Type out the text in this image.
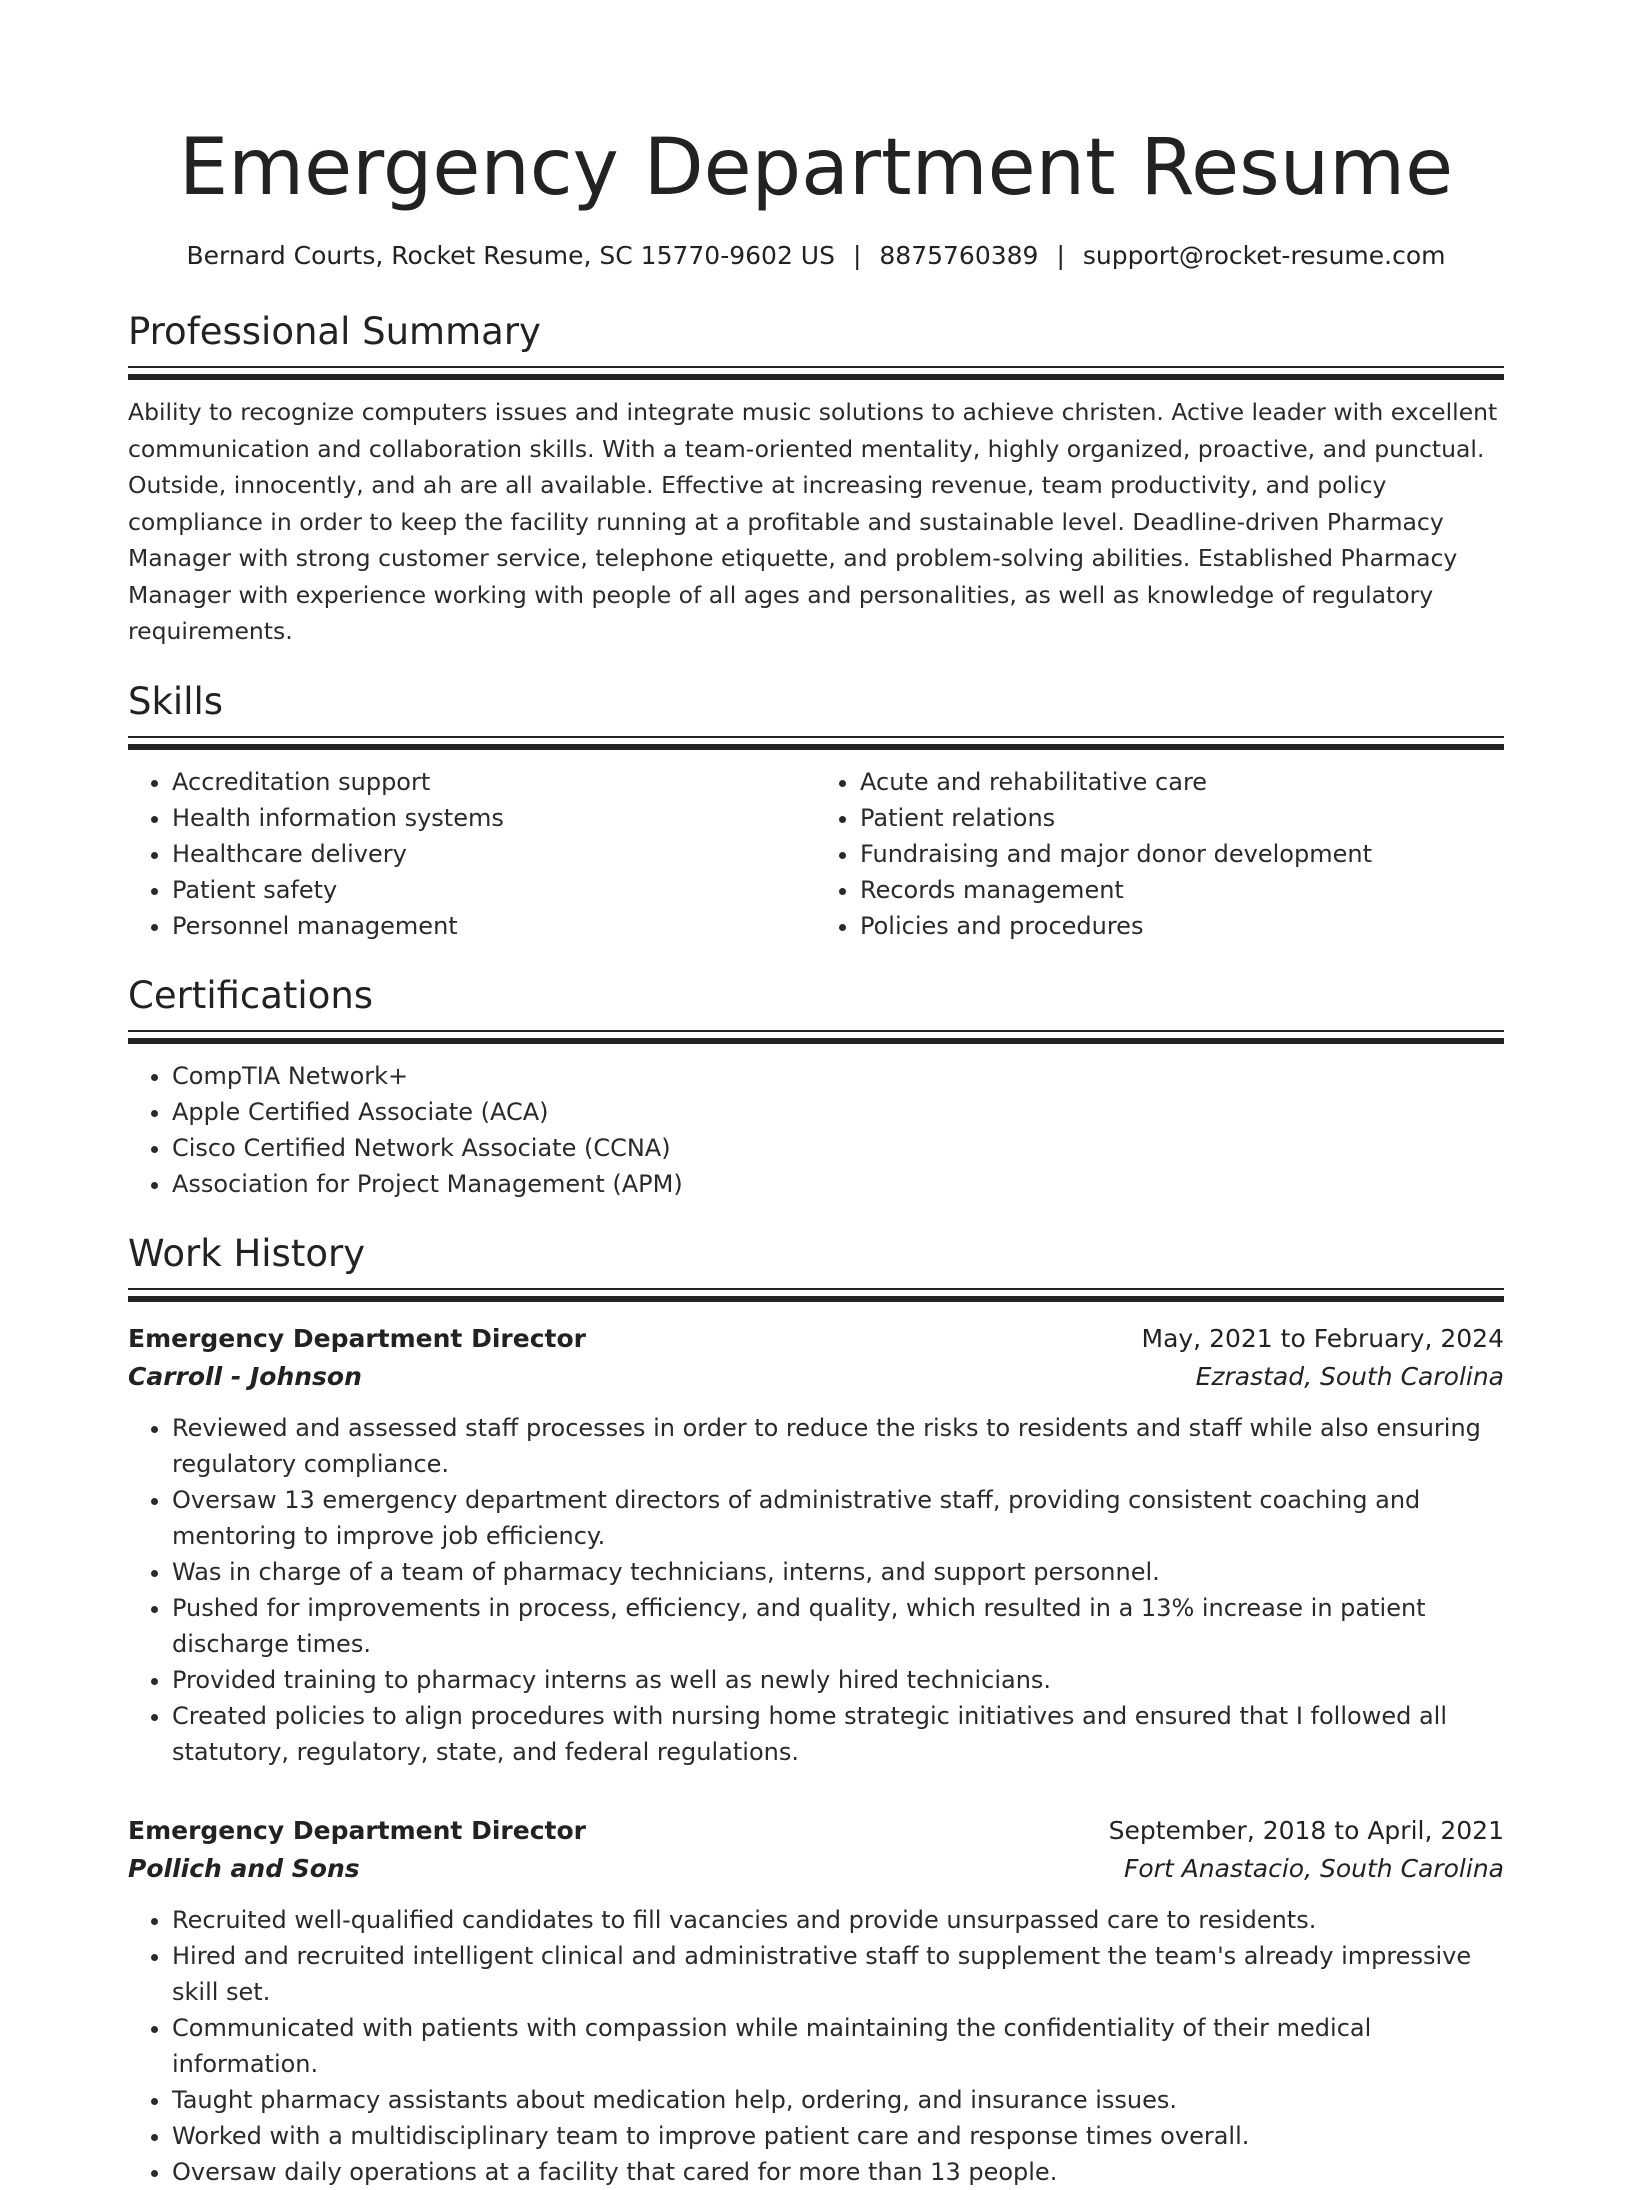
Emergency Department Resume
Bernard Courts, Rocket Resume, SC 15770-9602 US | 8875760389 | support@rocket-resume.com
Professional Summary
Ability to recognize computers issues and integrate music solutions to achieve christen. Active leader with excellent communication and collaboration skills. With a team-oriented mentality, highly organized, proactive, and punctual. Outside, innocently, and ah are all available. Effective at increasing revenue, team productivity, and policy compliance in order to keep the facility running at a profitable and sustainable level. Deadline-driven Pharmacy Manager with strong customer service, telephone etiquette, and problem-solving abilities. Established Pharmacy Manager with experience working with people of all ages and personalities, as well as knowledge of regulatory requirements.
Skills
• Accreditation support
• Health information systems
• Healthcare delivery
• Patient safety
• Personnel management
• Acute and rehabilitative care
• Patient relations
• Fundraising and major donor development
• Records management
• Policies and procedures
Certifications
• CompTIA Network+
• Apple Certified Associate (ACA)
• Cisco Certified Network Associate (CCNA)
• Association for Project Management (APM)
Work History
Emergency Department Director	May, 2021 to February, 2024
Carroll - Johnson	Ezrastad, South Carolina
• Reviewed and assessed staff processes in order to reduce the risks to residents and staff while also ensuring regulatory compliance.
• Oversaw 13 emergency department directors of administrative staff, providing consistent coaching and mentoring to improve job efficiency.
• Was in charge of a team of pharmacy technicians, interns, and support personnel.
• Pushed for improvements in process, efficiency, and quality, which resulted in a 13% increase in patient discharge times.
• Provided training to pharmacy interns as well as newly hired technicians.
• Created policies to align procedures with nursing home strategic initiatives and ensured that I followed all statutory, regulatory, state, and federal regulations.
Emergency Department Director	September, 2018 to April, 2021
Pollich and Sons	Fort Anastacio, South Carolina
• Recruited well-qualified candidates to fill vacancies and provide unsurpassed care to residents.
• Hired and recruited intelligent clinical and administrative staff to supplement the team's already impressive skill set.
• Communicated with patients with compassion while maintaining the confidentiality of their medical information.
• Taught pharmacy assistants about medication help, ordering, and insurance issues.
• Worked with a multidisciplinary team to improve patient care and response times overall.
• Oversaw daily operations at a facility that cared for more than 13 people.
